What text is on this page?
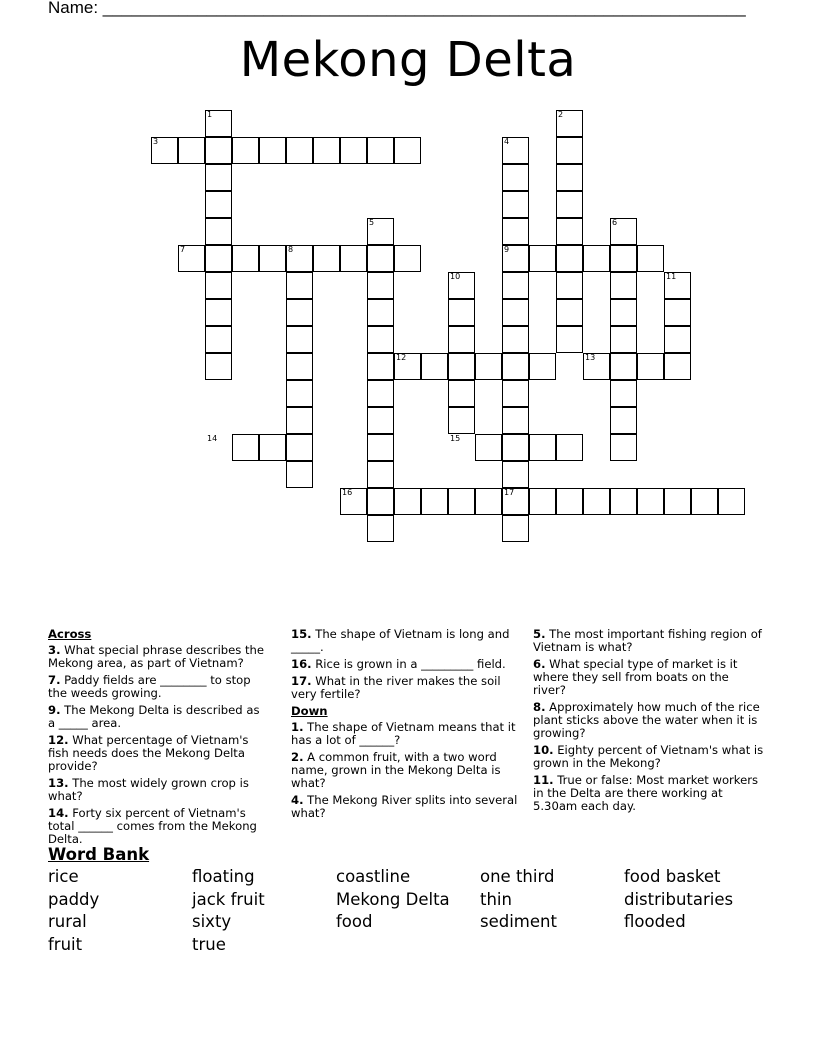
Name: ____________________________________________________________________
Mekong Delta
1	2
3	4
5	6
7	8	9
10	11
12	13
14	15
16	17
Across
3. What special phrase describes the Mekong area, as part of Vietnam?
7. Paddy fields are ________ to stop the weeds growing.
9. The Mekong Delta is described as a _____ area.
12. What percentage of Vietnam's fish needs does the Mekong Delta provide?
13. The most widely grown crop is what?
14. Forty six percent of Vietnam's total ______ comes from the Mekong Delta.
15. The shape of Vietnam is long and _____.
16. Rice is grown in a _________ field.
17. What in the river makes the soil very fertile?
Down
1. The shape of Vietnam means that it has a lot of ______?
2. A common fruit, with a two word name, grown in the Mekong Delta is what?
4. The Mekong River splits into several what?
5. The most important fishing region of Vietnam is what?
6. What special type of market is it where they sell from boats on the river?
8. Approximately how much of the rice plant sticks above the water when it is growing?
10. Eighty percent of Vietnam's what is grown in the Mekong?
11. True or false: Most market workers in the Delta are there working at 5.30am each day.
Word Bank
rice	floating	coastline	one third	food basket
paddy	jack fruit	Mekong Delta	thin	distributaries
rural	sixty	food	sediment	flooded
fruit	true
